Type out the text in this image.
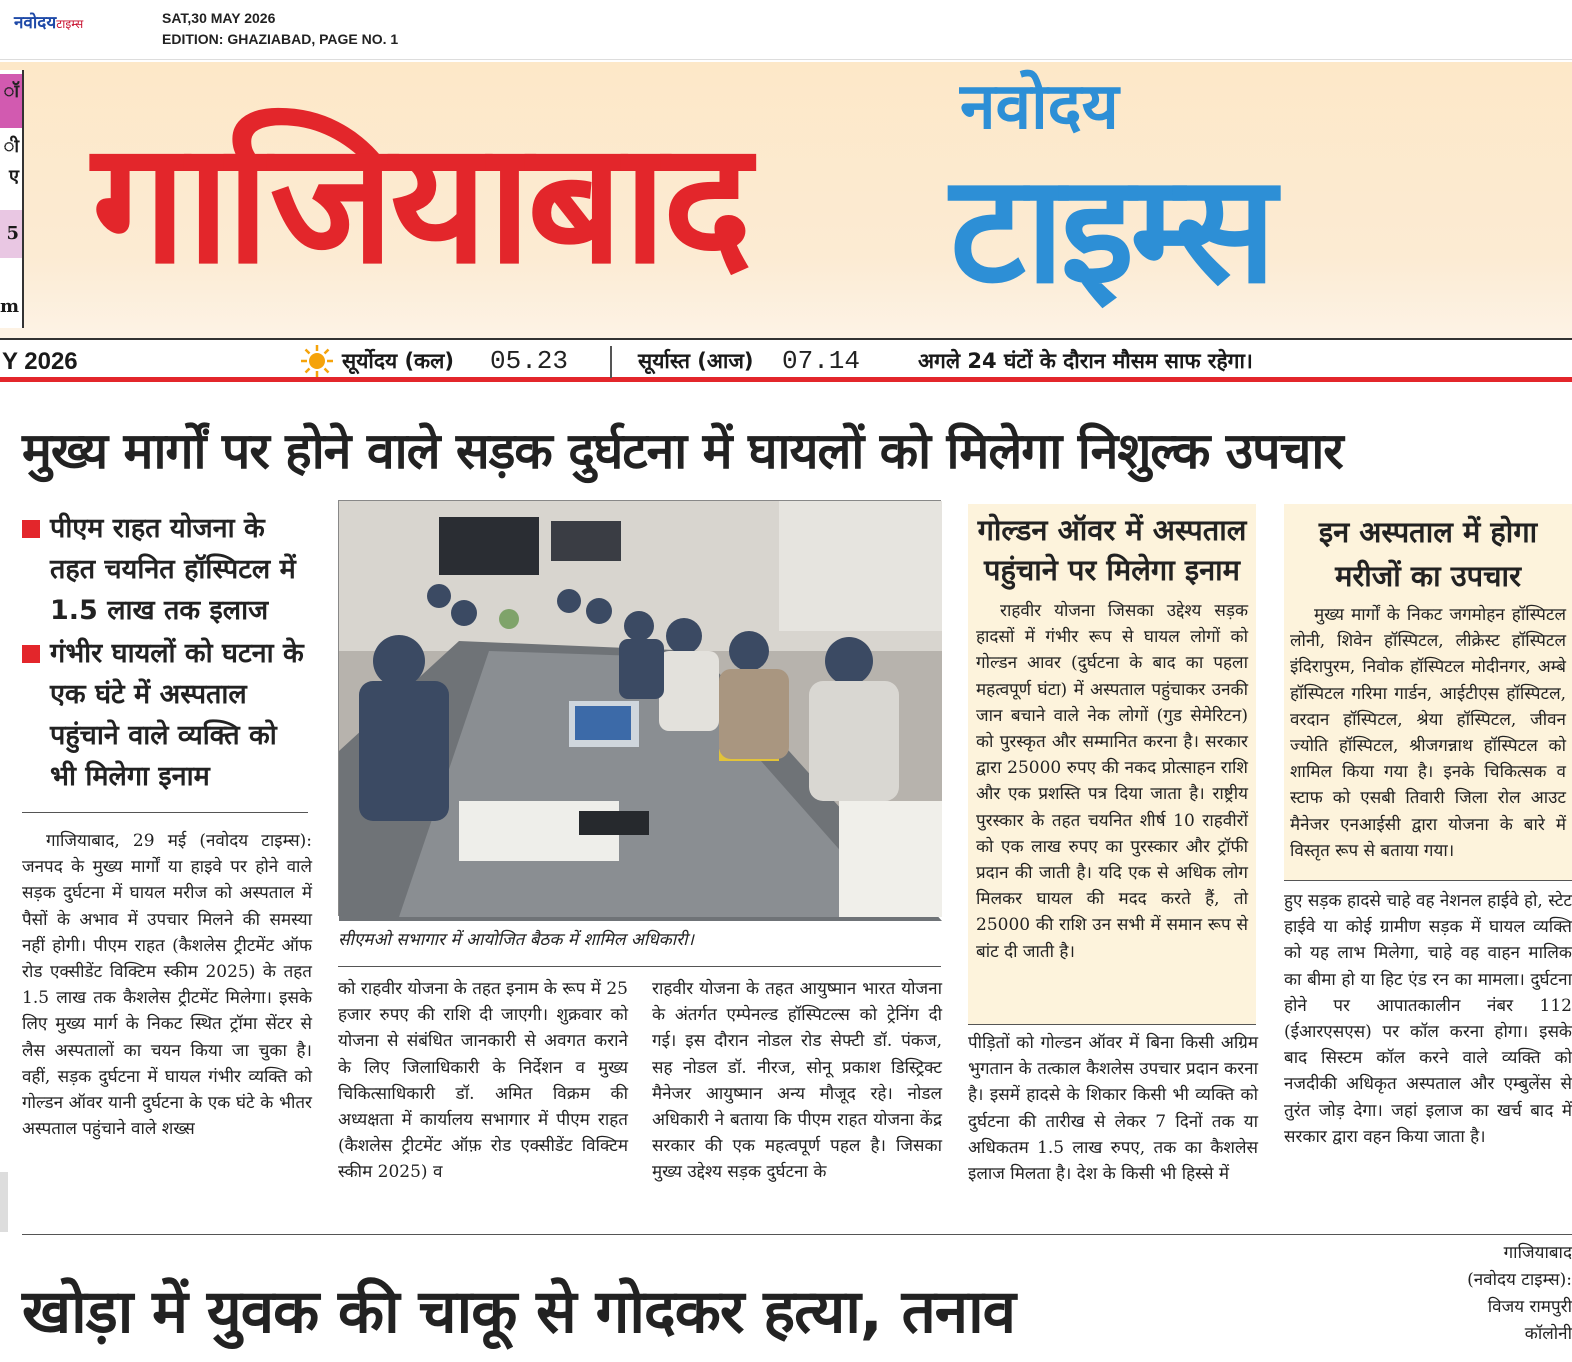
नवोदयटाइम्स	SAT,30 MAY 2026
EDITION: GHAZIABAD, PAGE NO. 1
ॉ
ी
ए
5
m
गाजियाबाद	नवोदय
टाइम्स
Y 2026	सूर्योदय (कल) 05.23	सूर्यास्त (आज) 07.14	अगले 24 घंटों के दौरान मौसम साफ रहेगा।
मुख्य मार्गों पर होने वाले सड़क दुर्घटना में घायलों को मिलेगा निशुल्क उपचार
पीएम राहत योजना के तहत चयनित हॉस्पिटल में 1.5 लाख तक इलाज
गंभीर घायलों को घटना के एक घंटे में अस्पताल पहुंचाने वाले व्यक्ति को भी मिलेगा इनाम
गाजियाबाद, 29 मई (नवोदय टाइम्स): जनपद के मुख्य मार्गों या हाइवे पर होने वाले सड़क दुर्घटना में घायल मरीज को अस्पताल में पैसों के अभाव में उपचार मिलने की समस्या नहीं होगी। पीएम राहत (कैशलेस ट्रीटमेंट ऑफ रोड एक्सीडेंट विक्टिम स्कीम 2025) के तहत 1.5 लाख तक कैशलेस ट्रीटमेंट मिलेगा। इसके लिए मुख्य मार्ग के निकट स्थित ट्रॉमा सेंटर से लैस अस्पतालों का चयन किया जा चुका है। वहीं, सड़क दुर्घटना में घायल गंभीर व्यक्ति को गोल्डन ऑवर यानी दुर्घटना के एक घंटे के भीतर अस्पताल पहुंचाने वाले शख्स
सीएमओ सभागार में आयोजित बैठक में शामिल अधिकारी।
को राहवीर योजना के तहत इनाम के रूप में 25 हजार रुपए की राशि दी जाएगी। शुक्रवार को योजना से संबंधित जानकारी से अवगत कराने के लिए जिलाधिकारी के निर्देशन व मुख्य चिकित्साधिकारी डॉ. अमित विक्रम की अध्यक्षता में कार्यालय सभागार में पीएम राहत (कैशलेस ट्रीटमेंट ऑफ़ रोड एक्सीडेंट विक्टिम स्कीम 2025) व
राहवीर योजना के तहत आयुष्मान भारत योजना के अंतर्गत एम्पेनल्ड हॉस्पिटल्स को ट्रेनिंग दी गई। इस दौरान नोडल रोड सेफ्टी डॉ. पंकज, सह नोडल डॉ. नीरज, सोनू प्रकाश डिस्ट्रिक्ट मैनेजर आयुष्मान अन्य मौजूद रहे। नोडल अधिकारी ने बताया कि पीएम राहत योजना केंद्र सरकार की एक महत्वपूर्ण पहल है। जिसका मुख्य उद्देश्य सड़क दुर्घटना के
गोल्डन ऑवर में अस्पताल पहुंचाने पर मिलेगा इनाम
राहवीर योजना जिसका उद्देश्य सड़क हादसों में गंभीर रूप से घायल लोगों को गोल्डन आवर (दुर्घटना के बाद का पहला महत्वपूर्ण घंटा) में अस्पताल पहुंचाकर उनकी जान बचाने वाले नेक लोगों (गुड सेमेरिटन) को पुरस्कृत और सम्मानित करना है। सरकार द्वारा 25000 रुपए की नकद प्रोत्साहन राशि और एक प्रशस्ति पत्र दिया जाता है। राष्ट्रीय पुरस्कार के तहत चयनित शीर्ष 10 राहवीरों को एक लाख रुपए का पुरस्कार और ट्रॉफी प्रदान की जाती है। यदि एक से अधिक लोग मिलकर घायल की मदद करते हैं, तो 25000 की राशि उन सभी में समान रूप से बांट दी जाती है।
पीड़ितों को गोल्डन ऑवर में बिना किसी अग्रिम भुगतान के तत्काल कैशलेस उपचार प्रदान करना है। इसमें हादसे के शिकार किसी भी व्यक्ति को दुर्घटना की तारीख से लेकर 7 दिनों तक या अधिकतम 1.5 लाख रुपए, तक का कैशलेस इलाज मिलता है। देश के किसी भी हिस्से में
इन अस्पताल में होगा मरीजों का उपचार
मुख्य मार्गों के निकट जगमोहन हॉस्पिटल लोनी, शिवेन हॉस्पिटल, लीक्रेस्ट हॉस्पिटल इंदिरापुरम, निवोक हॉस्पिटल मोदीनगर, अम्बे हॉस्पिटल गरिमा गार्डन, आईटीएस हॉस्पिटल, वरदान हॉस्पिटल, श्रेया हॉस्पिटल, जीवन ज्योति हॉस्पिटल, श्रीजगन्नाथ हॉस्पिटल को शामिल किया गया है। इनके चिकित्सक व स्टाफ को एसबी तिवारी जिला रोल आउट मैनेजर एनआईसी द्वारा योजना के बारे में विस्तृत रूप से बताया गया।
हुए सड़क हादसे चाहे वह नेशनल हाईवे हो, स्टेट हाईवे या कोई ग्रामीण सड़क में घायल व्यक्ति को यह लाभ मिलेगा, चाहे वह वाहन मालिक का बीमा हो या हिट एंड रन का मामला। दुर्घटना होने पर आपातकालीन नंबर 112 (ईआरएसएस) पर कॉल करना होगा। इसके बाद सिस्टम कॉल करने वाले व्यक्ति को नजदीकी अधिकृत अस्पताल और एम्बुलेंस से तुरंत जोड़ देगा। जहां इलाज का खर्च बाद में सरकार द्वारा वहन किया जाता है।
खोड़ा में युवक की चाकू से गोदकर हत्या, तनाव
गाजियाबाद (नवोदय टाइम्स): विजय रामपुरी कॉलोनी
